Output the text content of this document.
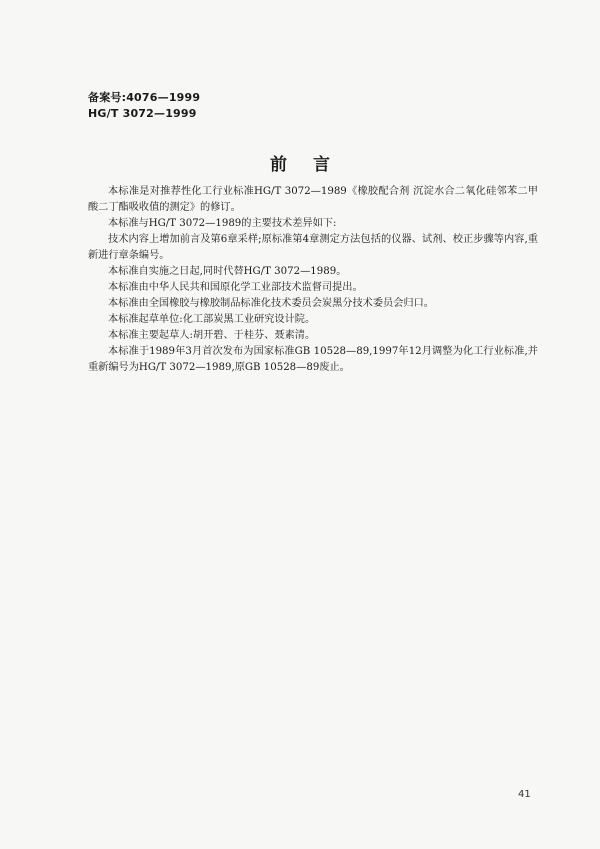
备案号:4076—1999
HG/T 3072—1999
前言

本标准是对推荐性化工行业标准HG/T 3072—1989《橡胶配合剂 沉淀水合二氧化硅邻苯二甲酸二丁酯吸收值的测定》的修订。

本标准与HG/T 3072—1989的主要技术差异如下:

技术内容上增加前言及第6章采样;原标准第4章测定方法包括的仪器、试剂、校正步骤等内容,重新进行章条编号。

本标准自实施之日起,同时代替HG/T 3072—1989。

本标准由中华人民共和国原化学工业部技术监督司提出。

本标准由全国橡胶与橡胶制品标准化技术委员会炭黑分技术委员会归口。

本标准起草单位:化工部炭黑工业研究设计院。

本标准主要起草人:胡开碧、于桂芬、聂素清。

本标准于1989年3月首次发布为国家标准GB 10528—89,1997年12月调整为化工行业标准,并重新编号为HG/T 3072—1989,原GB 10528—89废止。

41
